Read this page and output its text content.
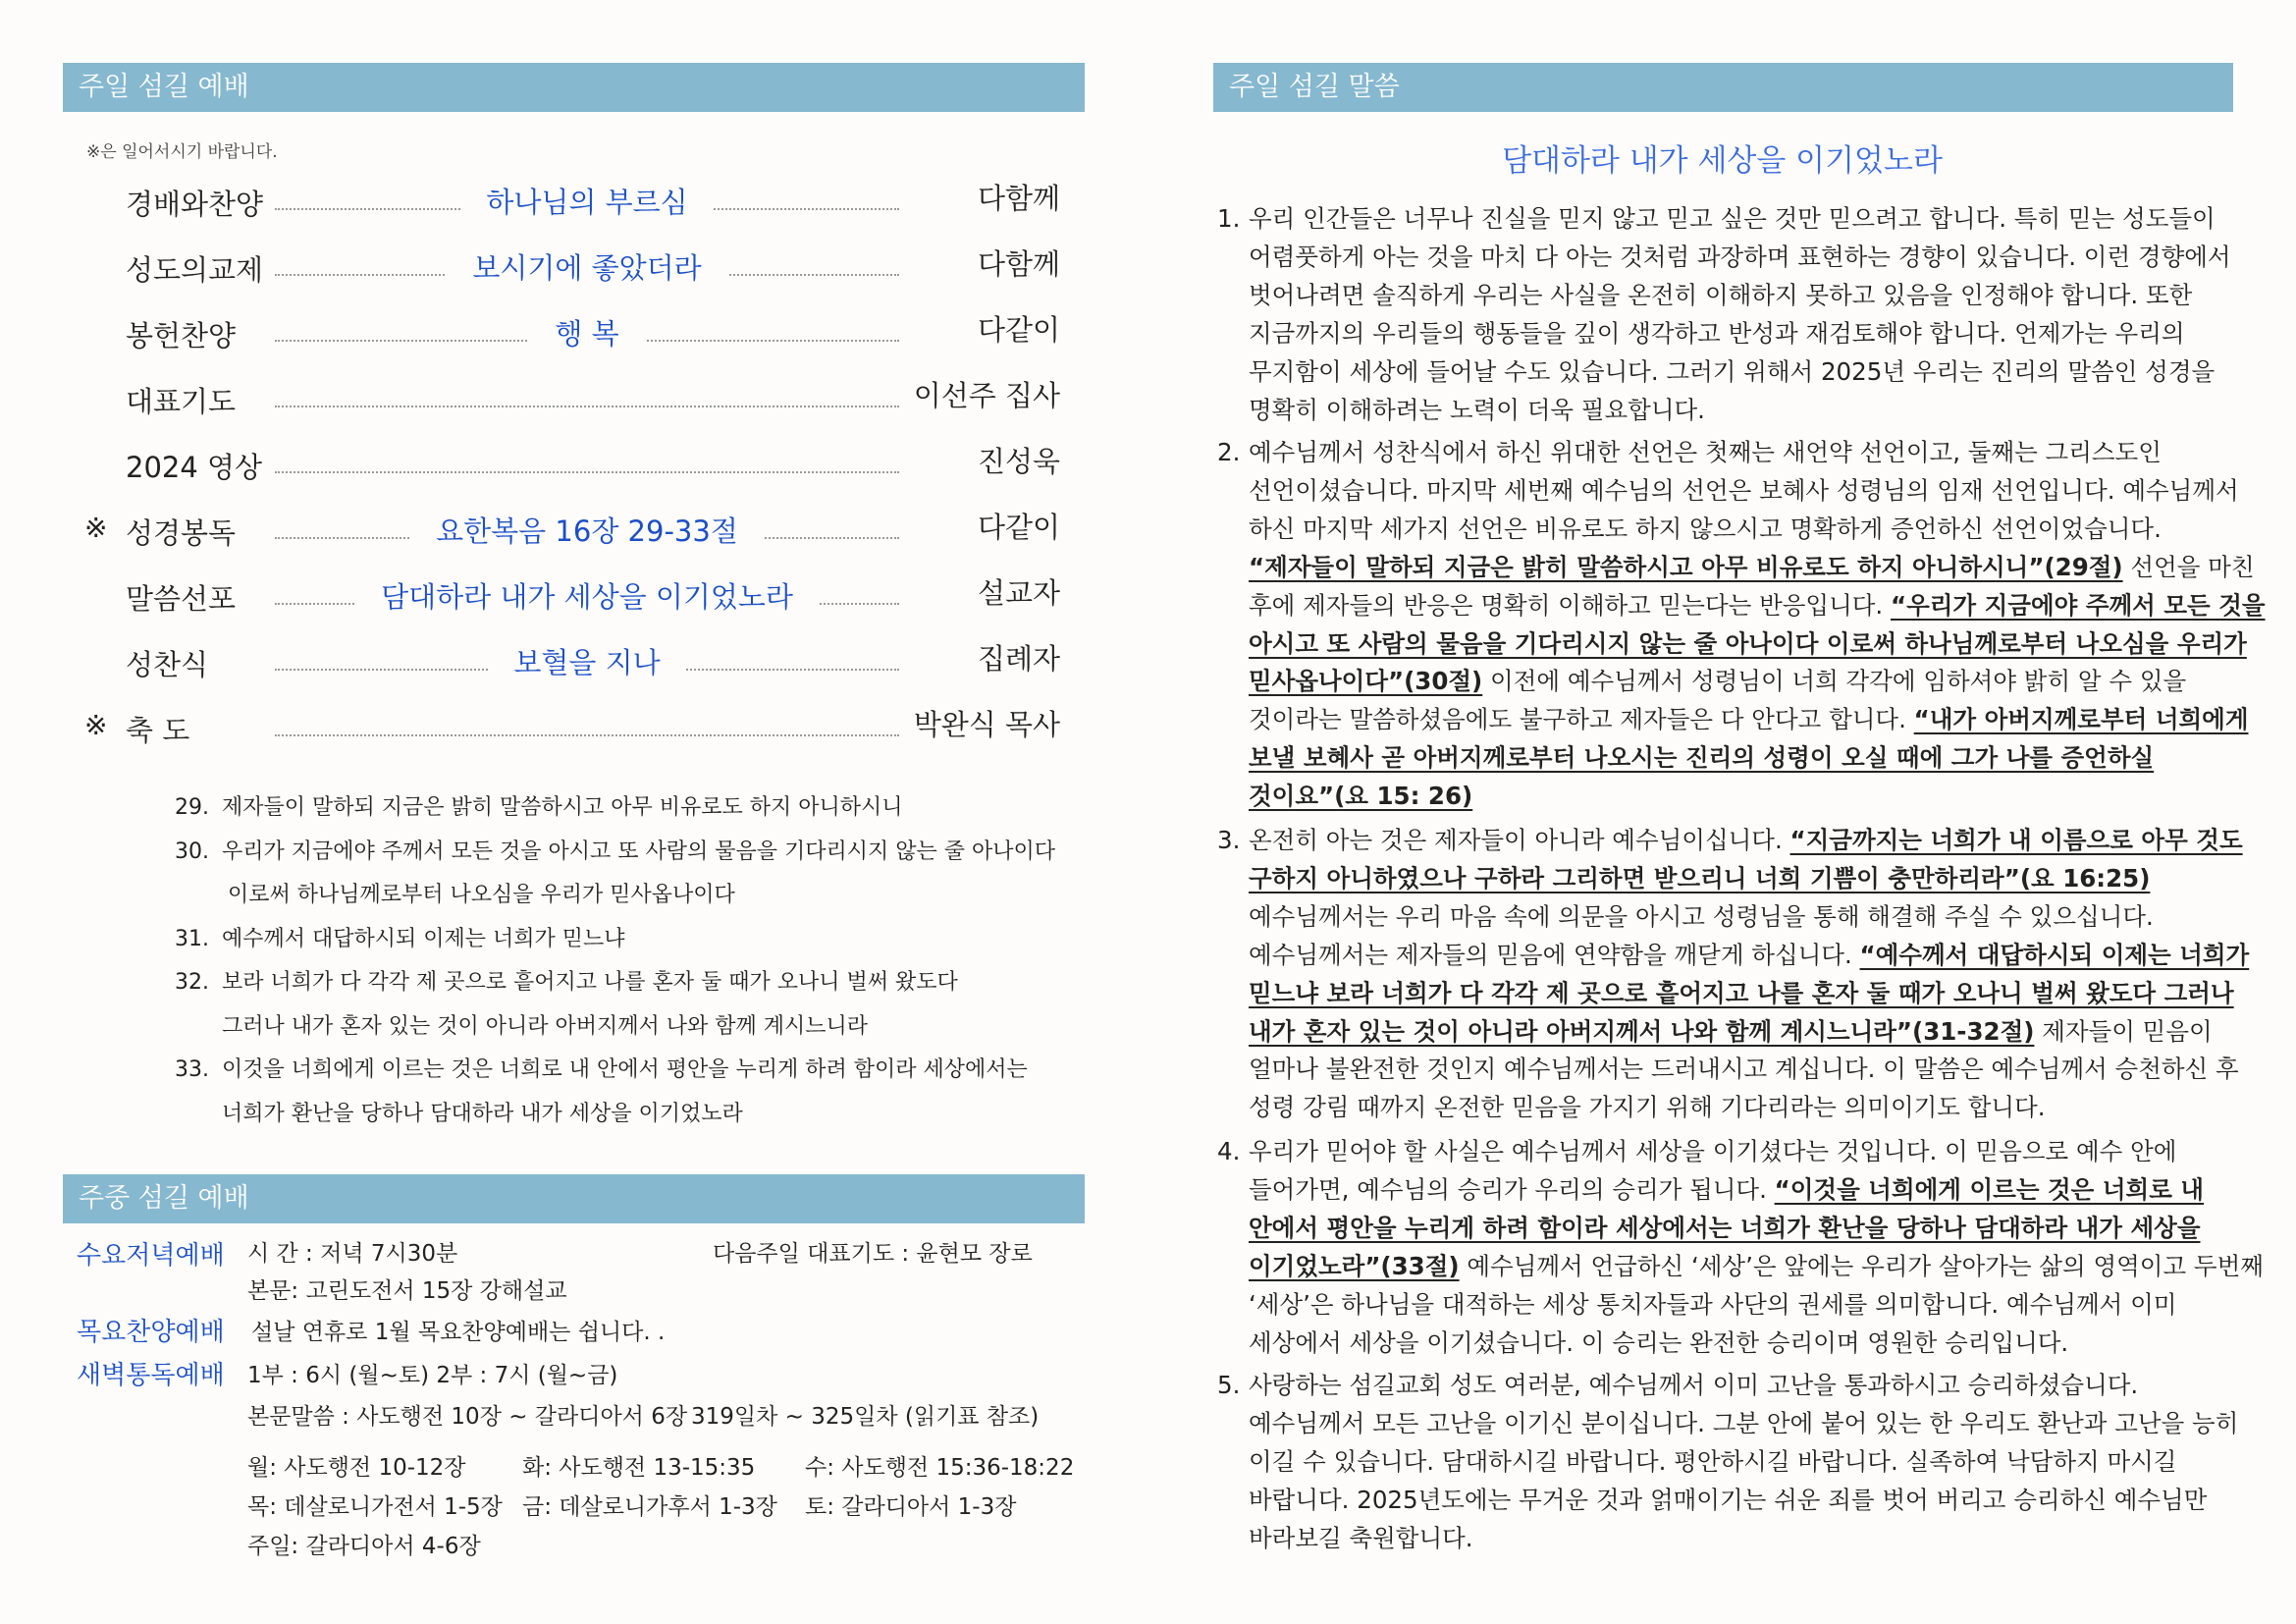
주일 섬길 예배
※은 일어서시기 바랍니다.
경배와찬양	하나님의 부르심	다함께
성도의교제	보시기에 좋았더라	다함께
봉헌찬양	행 복	다같이
대표기도	이선주 집사
2024 영상	진성욱
※ 성경봉독	요한복음 16장 29-33절	다같이
말씀선포	담대하라 내가 세상을 이기었노라	설교자
성찬식	보혈을 지나	집례자
※ 축 도	박완식 목사
29. 제자들이 말하되 지금은 밝히 말씀하시고 아무 비유로도 하지 아니하시니
30. 우리가 지금에야 주께서 모든 것을 아시고 또 사람의 물음을 기다리시지 않는 줄 아나이다
이로써 하나님께로부터 나오심을 우리가 믿사옵나이다
31. 예수께서 대답하시되 이제는 너희가 믿느냐
32. 보라 너희가 다 각각 제 곳으로 흩어지고 나를 혼자 둘 때가 오나니 벌써 왔도다
그러나 내가 혼자 있는 것이 아니라 아버지께서 나와 함께 계시느니라
33. 이것을 너희에게 이르는 것은 너희로 내 안에서 평안을 누리게 하려 함이라 세상에서는
너희가 환난을 당하나 담대하라 내가 세상을 이기었노라
주중 섬길 예배
수요저녁예배 시 간 : 저녁 7시30분	다음주일 대표기도 : 윤현모 장로
본문: 고린도전서 15장 강해설교
목요찬양예배 설날 연휴로 1월 목요찬양예배는 쉽니다. .
새벽통독예배 1부 : 6시 (월~토) 2부 : 7시 (월~금)
본문말씀 : 사도행전 10장 ~ 갈라디아서 6장 319일차 ~ 325일차 (읽기표 참조)
월: 사도행전 10-12장 화: 사도행전 13-15:35 수: 사도행전 15:36-18:22
목: 데살로니가전서 1-5장 금: 데살로니가후서 1-3장 토: 갈라디아서 1-3장
주일: 갈라디아서 4-6장
주일 섬길 말씀
담대하라 내가 세상을 이기었노라
1. 우리 인간들은 너무나 진실을 믿지 않고 믿고 싶은 것만 믿으려고 합니다. 특히 믿는 성도들이
어렴풋하게 아는 것을 마치 다 아는 것처럼 과장하며 표현하는 경향이 있습니다. 이런 경향에서
벗어나려면 솔직하게 우리는 사실을 온전히 이해하지 못하고 있음을 인정해야 합니다. 또한
지금까지의 우리들의 행동들을 깊이 생각하고 반성과 재검토해야 합니다. 언제가는 우리의
무지함이 세상에 들어날 수도 있습니다. 그러기 위해서 2025년 우리는 진리의 말씀인 성경을
명확히 이해하려는 노력이 더욱 필요합니다.
2. 예수님께서 성찬식에서 하신 위대한 선언은 첫째는 새언약 선언이고, 둘째는 그리스도인
선언이셨습니다. 마지막 세번째 예수님의 선언은 보혜사 성령님의 임재 선언입니다. 예수님께서
하신 마지막 세가지 선언은 비유로도 하지 않으시고 명확하게 증언하신 선언이었습니다.
“제자들이 말하되 지금은 밝히 말씀하시고 아무 비유로도 하지 아니하시니”(29절) 선언을 마친
후에 제자들의 반응은 명확히 이해하고 믿는다는 반응입니다. “우리가 지금에야 주께서 모든 것을
아시고 또 사람의 물음을 기다리시지 않는 줄 아나이다 이로써 하나님께로부터 나오심을 우리가
믿사옵나이다”(30절) 이전에 예수님께서 성령님이 너희 각각에 임하셔야 밝히 알 수 있을
것이라는 말씀하셨음에도 불구하고 제자들은 다 안다고 합니다. “내가 아버지께로부터 너희에게
보낼 보혜사 곧 아버지께로부터 나오시는 진리의 성령이 오실 때에 그가 나를 증언하실
것이요”(요 15: 26)
3. 온전히 아는 것은 제자들이 아니라 예수님이십니다. “지금까지는 너희가 내 이름으로 아무 것도
구하지 아니하였으나 구하라 그리하면 받으리니 너희 기쁨이 충만하리라”(요 16:25)
예수님께서는 우리 마음 속에 의문을 아시고 성령님을 통해 해결해 주실 수 있으십니다.
예수님께서는 제자들의 믿음에 연약함을 깨닫게 하십니다. “예수께서 대답하시되 이제는 너희가
믿느냐 보라 너희가 다 각각 제 곳으로 흩어지고 나를 혼자 둘 때가 오나니 벌써 왔도다 그러나
내가 혼자 있는 것이 아니라 아버지께서 나와 함께 계시느니라”(31-32절) 제자들이 믿음이
얼마나 불완전한 것인지 예수님께서는 드러내시고 계십니다. 이 말씀은 예수님께서 승천하신 후
성령 강림 때까지 온전한 믿음을 가지기 위해 기다리라는 의미이기도 합니다.
4. 우리가 믿어야 할 사실은 예수님께서 세상을 이기셨다는 것입니다. 이 믿음으로 예수 안에
들어가면, 예수님의 승리가 우리의 승리가 됩니다. “이것을 너희에게 이르는 것은 너희로 내
안에서 평안을 누리게 하려 함이라 세상에서는 너희가 환난을 당하나 담대하라 내가 세상을
이기었노라”(33절) 예수님께서 언급하신 ‘세상’은 앞에는 우리가 살아가는 삶의 영역이고 두번째
‘세상’은 하나님을 대적하는 세상 통치자들과 사단의 권세를 의미합니다. 예수님께서 이미
세상에서 세상을 이기셨습니다. 이 승리는 완전한 승리이며 영원한 승리입니다.
5. 사랑하는 섬길교회 성도 여러분, 예수님께서 이미 고난을 통과하시고 승리하셨습니다.
예수님께서 모든 고난을 이기신 분이십니다. 그분 안에 붙어 있는 한 우리도 환난과 고난을 능히
이길 수 있습니다. 담대하시길 바랍니다. 평안하시길 바랍니다. 실족하여 낙담하지 마시길
바랍니다. 2025년도에는 무거운 것과 얽매이기는 쉬운 죄를 벗어 버리고 승리하신 예수님만
바라보길 축원합니다.
